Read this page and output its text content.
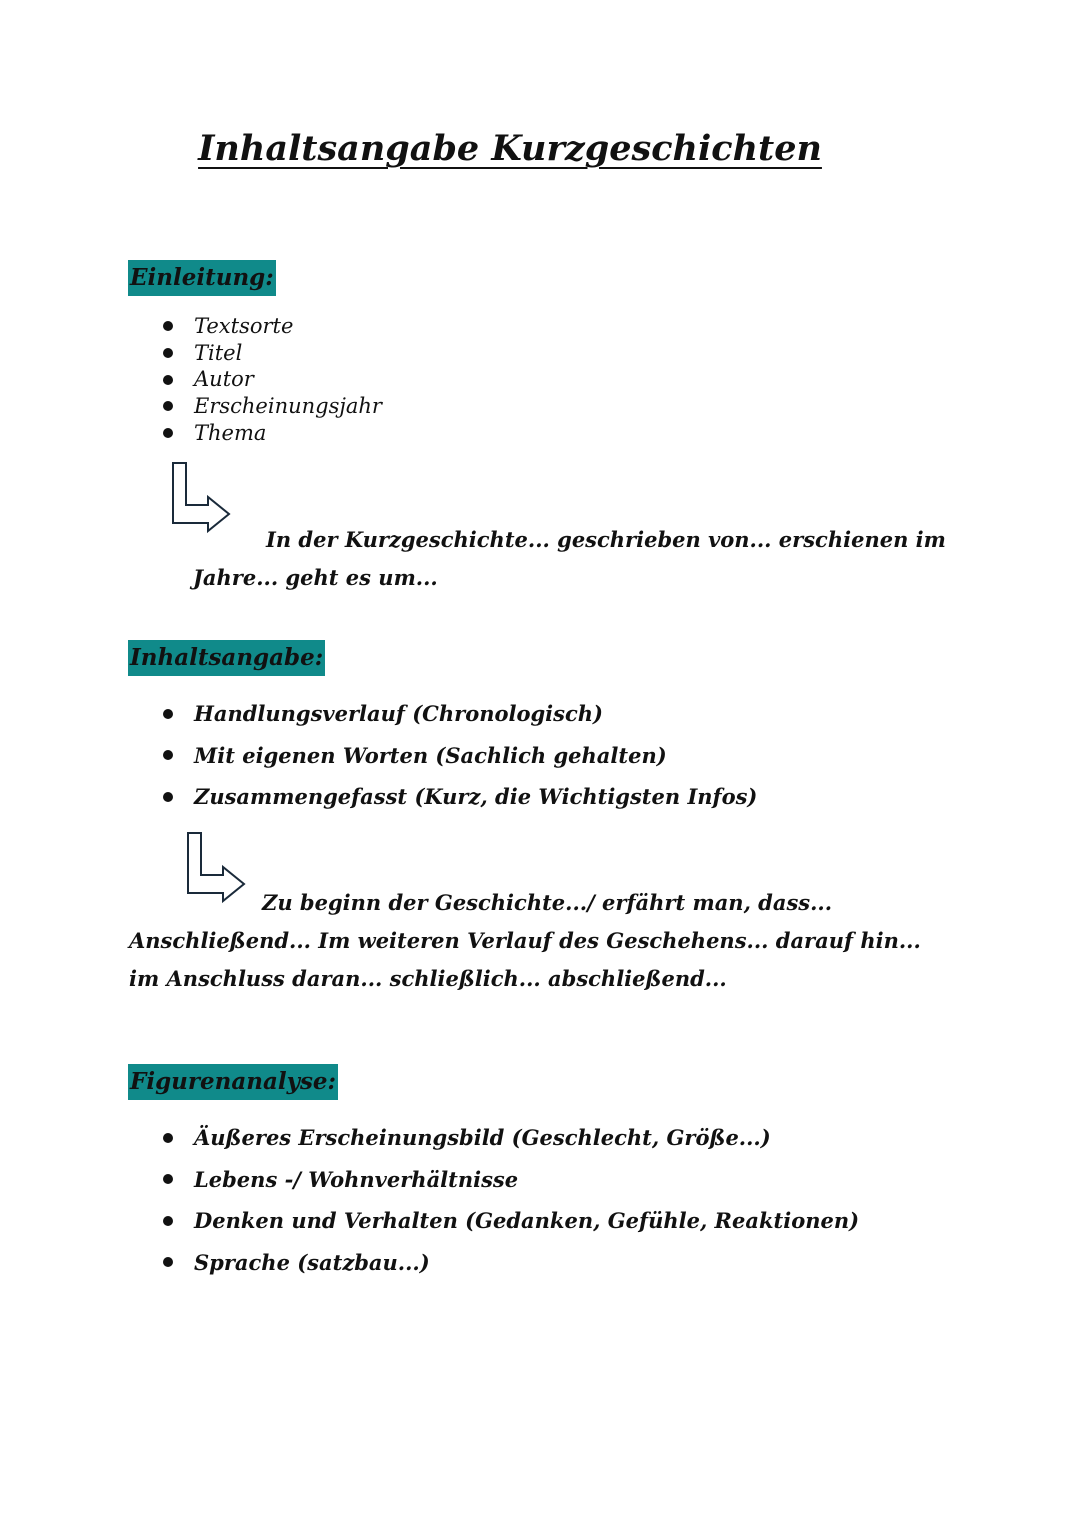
Inhaltsangabe Kurzgeschichten
Einleitung:
Textsorte
Titel
Autor
Erscheinungsjahr
Thema

In der Kurzgeschichte... geschrieben von... erschienen im

Jahre... geht es um...

Inhaltsangabe:
Handlungsverlauf (Chronologisch)
Mit eigenen Worten (Sachlich gehalten)
Zusammengefasst (Kurz, die Wichtigsten Infos)

Zu beginn der Geschichte.../ erfährt man, dass...

Anschließend... Im weiteren Verlauf des Geschehens... darauf hin...

im Anschluss daran... schließlich... abschließend...

Figurenanalyse:
Äußeres Erscheinungsbild (Geschlecht, Größe...)
Lebens -/ Wohnverhältnisse
Denken und Verhalten (Gedanken, Gefühle, Reaktionen)
Sprache (satzbau...)
